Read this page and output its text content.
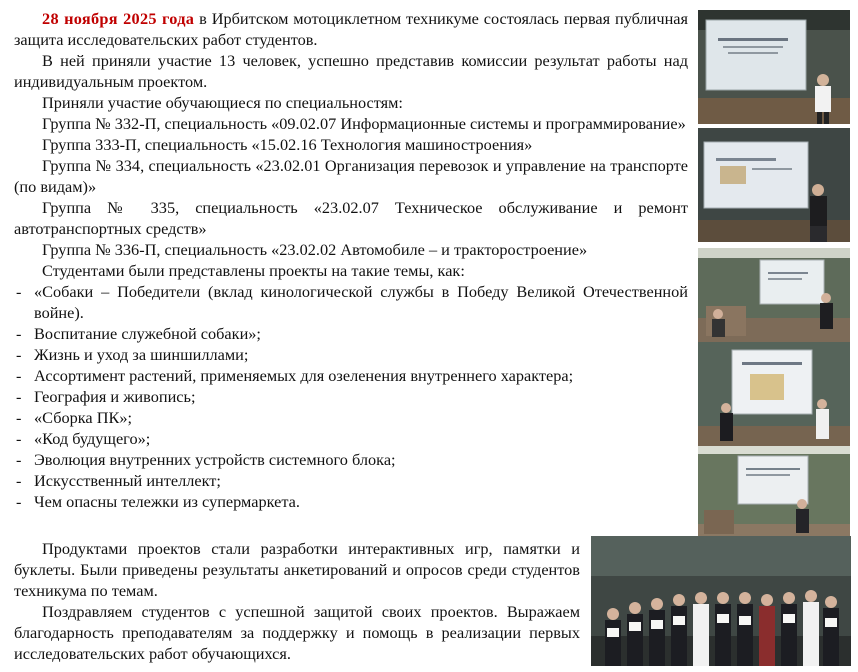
28 ноября 2025 года в Ирбитском мотоциклетном техникуме состоялась первая публичная защита исследовательских работ студентов.

В ней приняли участие 13 человек, успешно представив комиссии результат работы над индивидуальным проектом.

Приняли участие обучающиеся по специальностям:

Группа № 332-П, специальность «09.02.07 Информационные системы и программирование»

Группа 333-П, специальность «15.02.16 Технология машиностроения»

Группа № 334, специальность «23.02.01 Организация перевозок и управление на транспорте (по видам)»

Группа № 335, специальность «23.02.07 Техническое обслуживание и ремонт автотранспортных средств»

Группа № 336-П, специальность «23.02.02 Автомобиле – и тракторостроение»

Студентами были представлены проекты на такие темы, как:

- «Собаки – Победители (вклад кинологической службы в Победу Великой Отечественной войне).
- Воспитание служебной собаки»;
- Жизнь и уход за шиншиллами;
- Ассортимент растений, применяемых для озеленения внутреннего характера;
- География и живопись;
- «Сборка ПК»;
- «Код будущего»;
- Эволюция внутренних устройств системного блока;
- Искусственный интеллект;
- Чем опасны тележки из супермаркета.

Продуктами проектов стали разработки интерактивных игр, памятки и буклеты. Были приведены результаты анкетирований и опросов среди студентов техникума по темам.

Поздравляем студентов с успешной защитой своих проектов. Выражаем благодарность преподавателям за поддержку и помощь в реализации первых исследовательских работ обучающихся.
